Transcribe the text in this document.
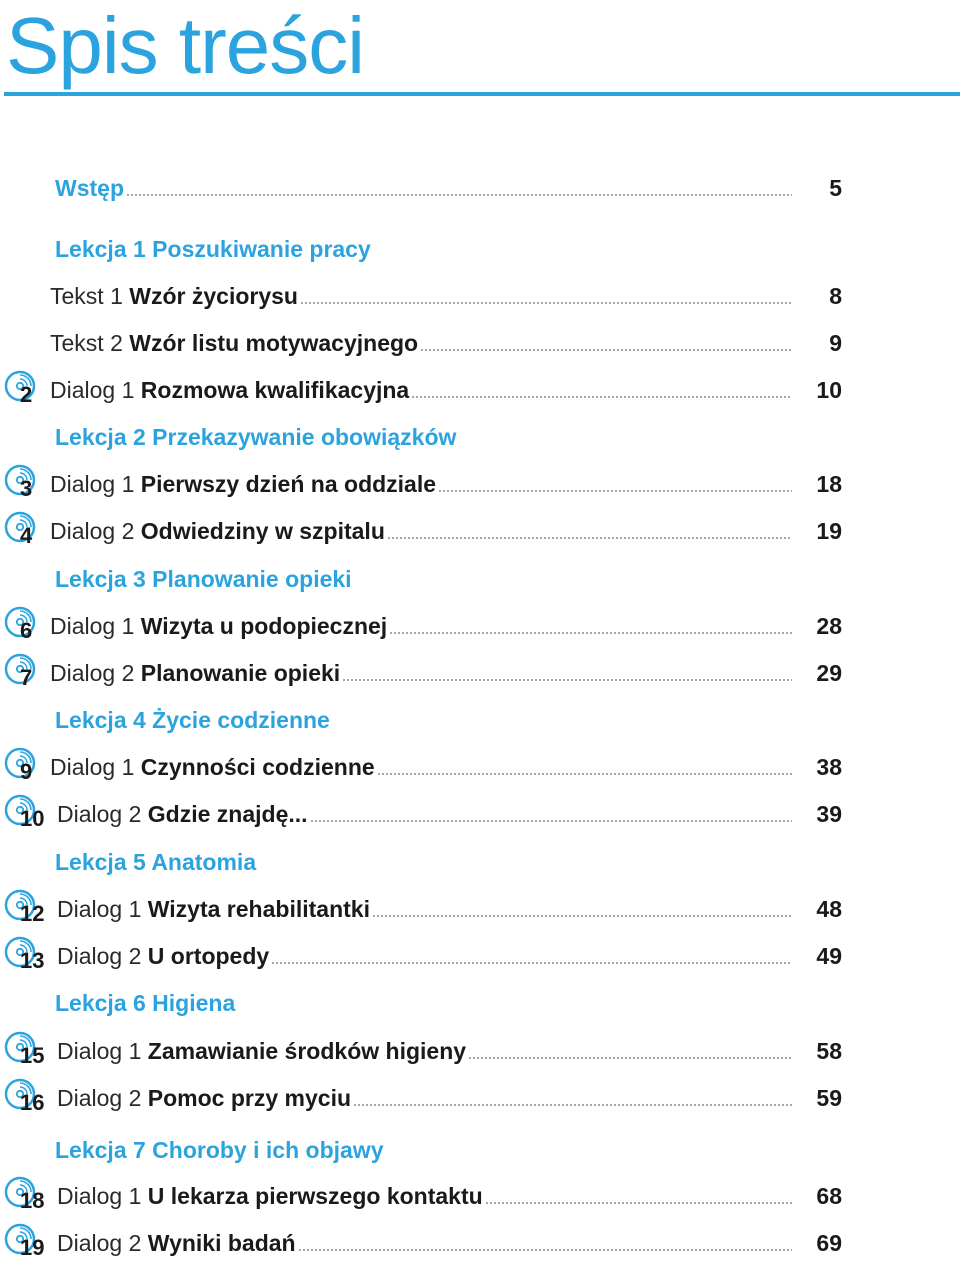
Spis treści
Wstęp	5
Lekcja 1 Poszukiwanie pracy
Tekst 1 Wzór życiorysu	8
Tekst 2 Wzór listu motywacyjnego	9
2 Dialog 1 Rozmowa kwalifikacyjna	10
Lekcja 2 Przekazywanie obowiązków
3 Dialog 1 Pierwszy dzień na oddziale	18
4 Dialog 2 Odwiedziny w szpitalu	19
Lekcja 3 Planowanie opieki
6 Dialog 1 Wizyta u podopiecznej	28
7 Dialog 2 Planowanie opieki	29
Lekcja 4 Życie codzienne
9 Dialog 1 Czynności codzienne	38
10 Dialog 2 Gdzie znajdę...	39
Lekcja 5 Anatomia
12 Dialog 1 Wizyta rehabilitantki	48
13 Dialog 2 U ortopedy	49
Lekcja 6 Higiena
15 Dialog 1 Zamawianie środków higieny	58
16 Dialog 2 Pomoc przy myciu	59
Lekcja 7 Choroby i ich objawy
18 Dialog 1 U lekarza pierwszego kontaktu	68
19 Dialog 2 Wyniki badań	69
